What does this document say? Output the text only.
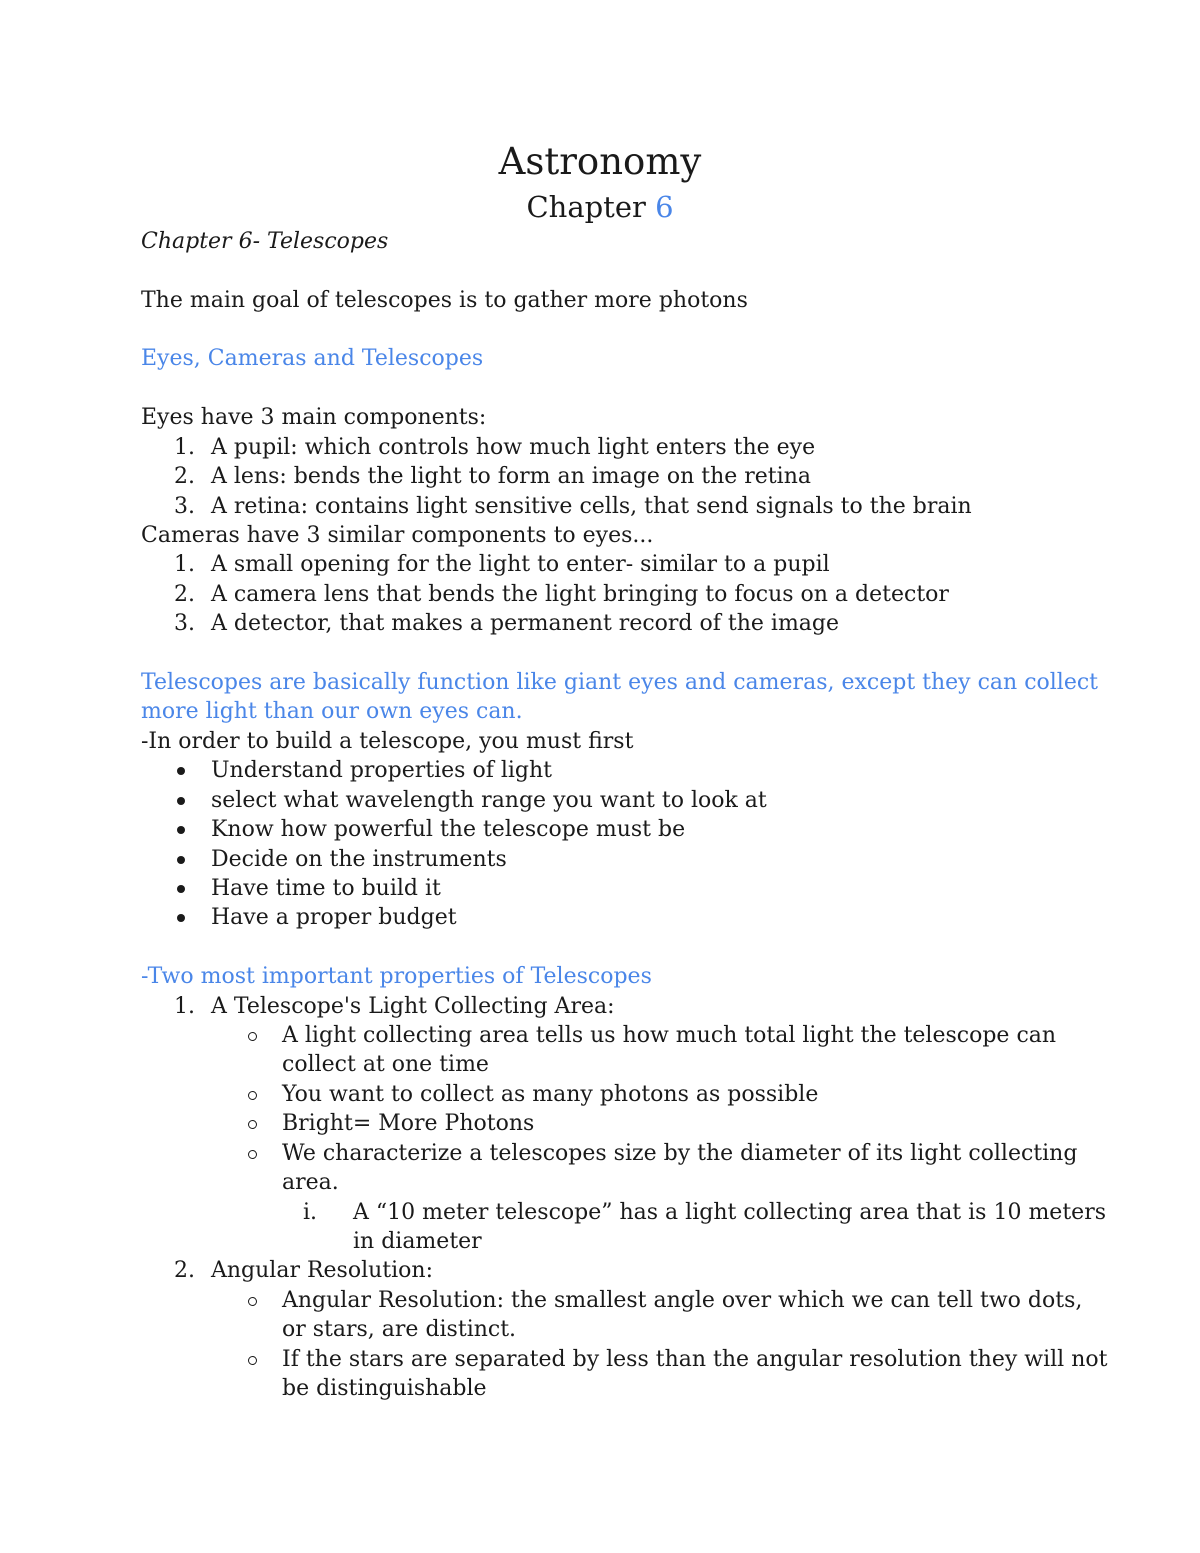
Astronomy
Chapter 6
Chapter 6- Telescopes
The main goal of telescopes is to gather more photons
Eyes, Cameras and Telescopes
Eyes have 3 main components:
1. A pupil: which controls how much light enters the eye
2. A lens: bends the light to form an image on the retina
3. A retina: contains light sensitive cells, that send signals to the brain
Cameras have 3 similar components to eyes...
1. A small opening for the light to enter- similar to a pupil
2. A camera lens that bends the light bringing to focus on a detector
3. A detector, that makes a permanent record of the image
Telescopes are basically function like giant eyes and cameras, except they can collect
more light than our own eyes can.
-In order to build a telescope, you must first
Understand properties of light
select what wavelength range you want to look at
Know how powerful the telescope must be
Decide on the instruments
Have time to build it
Have a proper budget
-Two most important properties of Telescopes
1. A Telescope's Light Collecting Area:
A light collecting area tells us how much total light the telescope can
collect at one time
You want to collect as many photons as possible
Bright= More Photons
We characterize a telescopes size by the diameter of its light collecting
area.
i. A “10 meter telescope” has a light collecting area that is 10 meters
in diameter
2. Angular Resolution:
Angular Resolution: the smallest angle over which we can tell two dots,
or stars, are distinct.
If the stars are separated by less than the angular resolution they will not
be distinguishable
